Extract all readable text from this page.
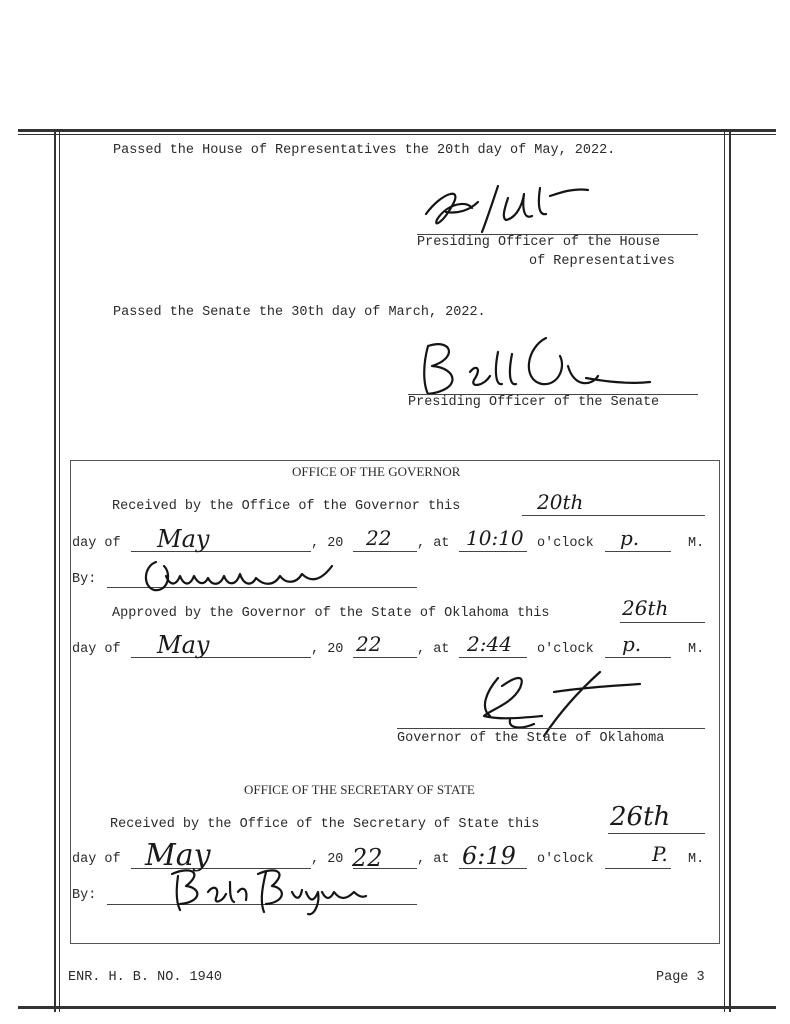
Passed the House of Representatives the 20th day of May, 2022.
Presiding Officer of the House
of Representatives
Passed the Senate the 30th day of March, 2022.
Presiding Officer of the Senate
OFFICE OF THE GOVERNOR
Received by the Office of the Governor this	20th
day of May	, 20 22 , at 10:10 o'clock p.	M.
By:
Approved by the Governor of the State of Oklahoma this	26th
day of May	, 20 22	, at 2:44 o'clock p.	M.
Governor of the State of Oklahoma
OFFICE OF THE SECRETARY OF STATE
Received by the Office of the Secretary of State this	26th
day of May	, 20 22	, at 6:19 o'clock	P. M.
By:
ENR. H. B. NO. 1940	Page 3
